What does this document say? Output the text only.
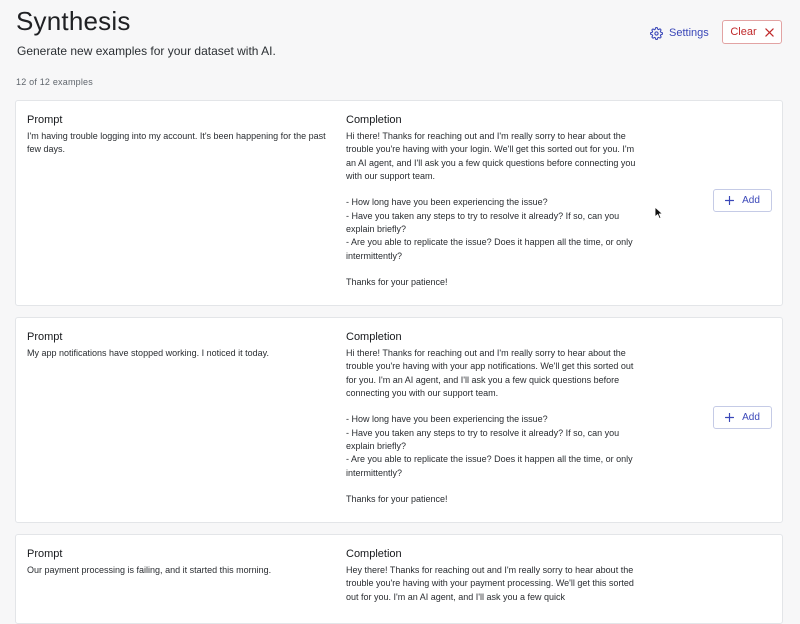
Synthesis
Generate new examples for your dataset with AI.
12 of 12 examples
Settings Clear
Prompt
I'm having trouble logging into my account. It's been happening for the past few days.
Completion
Hi there! Thanks for reaching out and I'm really sorry to hear about the trouble you're having with your login. We'll get this sorted out for you. I'm an AI agent, and I'll ask you a few quick questions before connecting you with our support team.

- How long have you been experiencing the issue?
- Have you taken any steps to try to resolve it already? If so, can you explain briefly?
- Are you able to replicate the issue? Does it happen all the time, or only intermittently?

Thanks for your patience!
Add
Prompt
My app notifications have stopped working. I noticed it today.
Completion
Hi there! Thanks for reaching out and I'm really sorry to hear about the trouble you're having with your app notifications. We'll get this sorted out for you. I'm an AI agent, and I'll ask you a few quick questions before connecting you with our support team.

- How long have you been experiencing the issue?
- Have you taken any steps to try to resolve it already? If so, can you explain briefly?
- Are you able to replicate the issue? Does it happen all the time, or only intermittently?

Thanks for your patience!
Add
Prompt
Our payment processing is failing, and it started this morning.
Completion
Hey there! Thanks for reaching out and I'm really sorry to hear about the trouble you're having with your payment processing. We'll get this sorted out for you. I'm an AI agent, and I'll ask you a few quick
